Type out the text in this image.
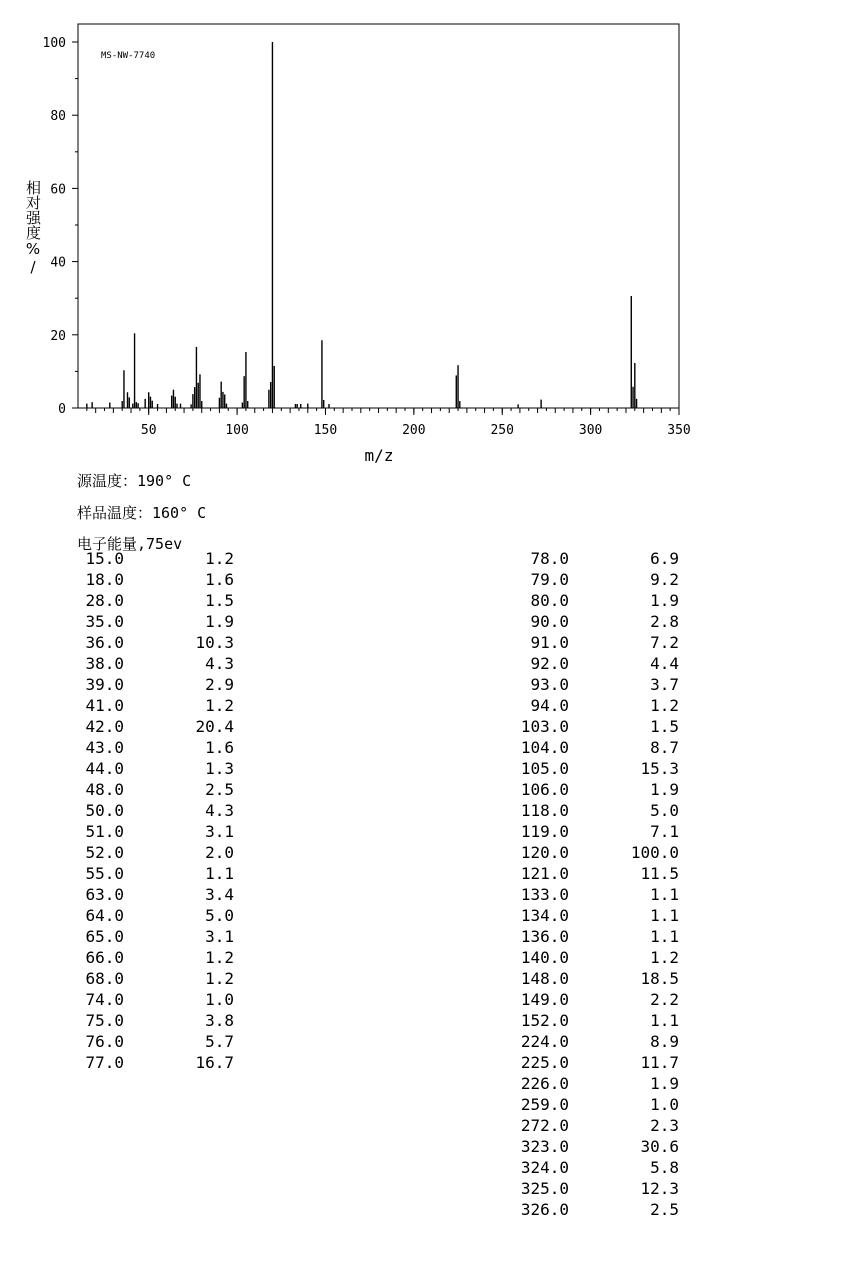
0
20
40
60
80
100
50	100	150	200	250	300	350
MS-NW-7740
m/z
相对强度%/
源温度：190° C
样品温度：160° C
电子能量,75ev
15.0	1.2
18.0	1.6
28.0	1.5
35.0	1.9
36.0	10.3
38.0	4.3
39.0	2.9
41.0	1.2
42.0	20.4
43.0	1.6
44.0	1.3
48.0	2.5
50.0	4.3
51.0	3.1
52.0	2.0
55.0	1.1
63.0	3.4
64.0	5.0
65.0	3.1
66.0	1.2
68.0	1.2
74.0	1.0
75.0	3.8
76.0	5.7
77.0	16.7
78.0	6.9
79.0	9.2
80.0	1.9
90.0	2.8
91.0	7.2
92.0	4.4
93.0	3.7
94.0	1.2
103.0	1.5
104.0	8.7
105.0	15.3
106.0	1.9
118.0	5.0
119.0	7.1
120.0	100.0
121.0	11.5
133.0	1.1
134.0	1.1
136.0	1.1
140.0	1.2
148.0	18.5
149.0	2.2
152.0	1.1
224.0	8.9
225.0	11.7
226.0	1.9
259.0	1.0
272.0	2.3
323.0	30.6
324.0	5.8
325.0	12.3
326.0	2.5
